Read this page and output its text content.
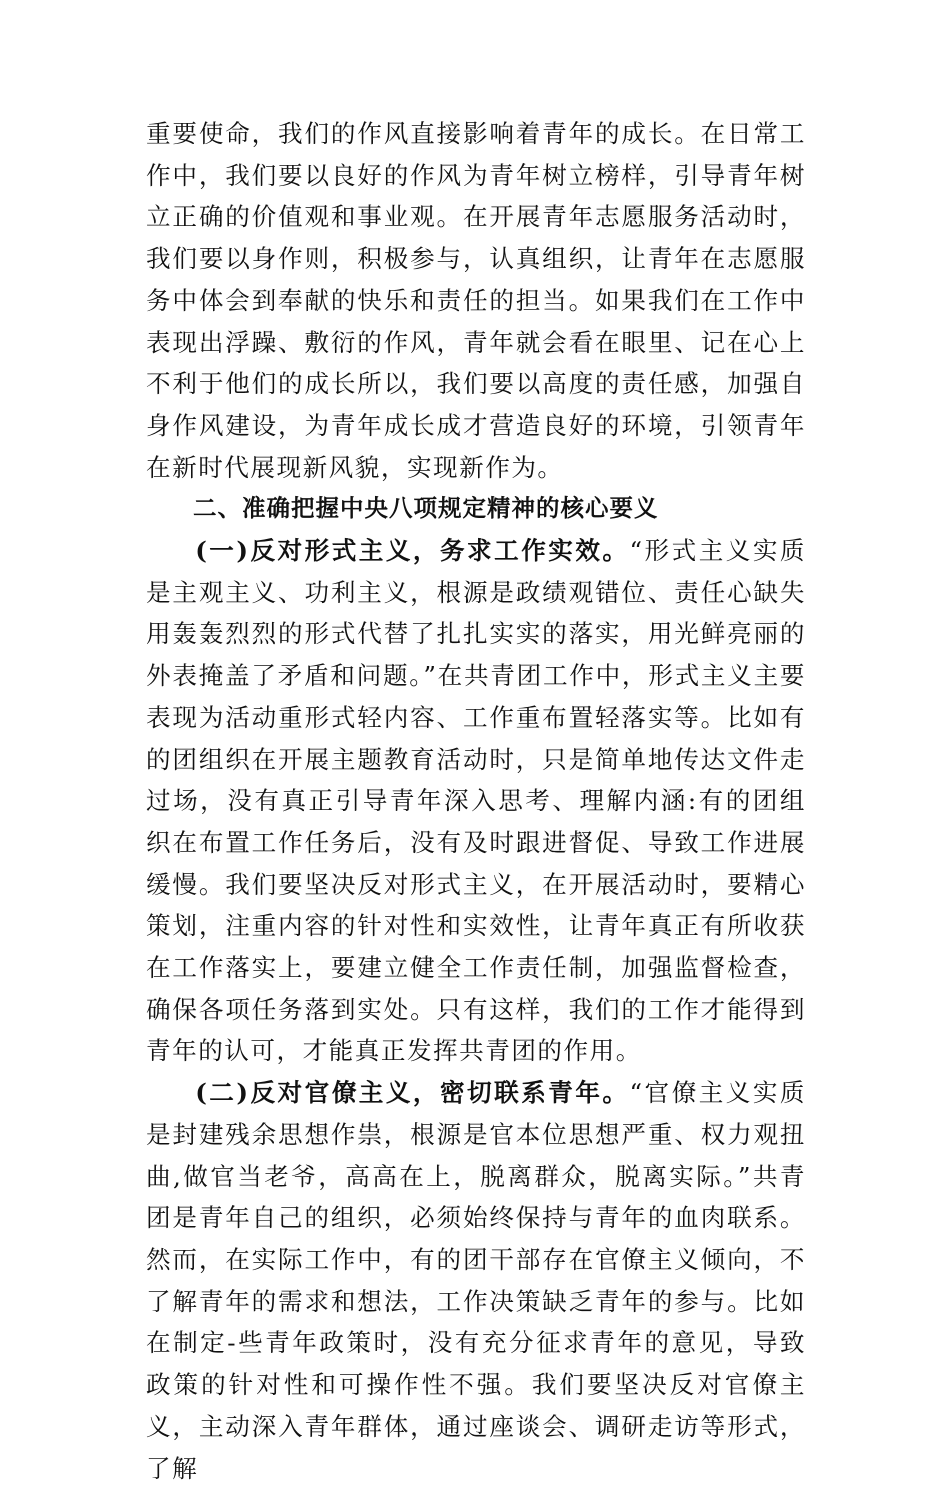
重要使命，我们的作风直接影响着青年的成长。在日常工作中，我们要以良好的作风为青年树立榜样，引导青年树立正确的价值观和事业观。在开展青年志愿服务活动时，我们要以身作则，积极参与，认真组织，让青年在志愿服务中体会到奉献的快乐和责任的担当。如果我们在工作中表现出浮躁、敷衍的作风，青年就会看在眼里、记在心上不利于他们的成长所以，我们要以高度的责任感，加强自身作风建设，为青年成长成才营造良好的环境，引领青年在新时代展现新风貌，实现新作为。

二、准确把握中央八项规定精神的核心要义

(一)反对形式主义，务求工作实效。“形式主义实质是主观主义、功利主义，根源是政绩观错位、责任心缺失用轰轰烈烈的形式代替了扎扎实实的落实，用光鲜亮丽的外表掩盖了矛盾和问题。”在共青团工作中，形式主义主要表现为活动重形式轻内容、工作重布置轻落实等。比如有的团组织在开展主题教育活动时，只是简单地传达文件走过场，没有真正引导青年深入思考、理解内涵:有的团组织在布置工作任务后，没有及时跟进督促、导致工作进展缓慢。我们要坚决反对形式主义，在开展活动时，要精心策划，注重内容的针对性和实效性，让青年真正有所收获在工作落实上，要建立健全工作责任制，加强监督检查，确保各项任务落到实处。只有这样，我们的工作才能得到青年的认可，才能真正发挥共青团的作用。

(二)反对官僚主义，密切联系青年。“官僚主义实质是封建残余思想作祟，根源是官本位思想严重、权力观扭曲,做官当老爷，高高在上，脱离群众，脱离实际。”共青团是青年自己的组织，必须始终保持与青年的血肉联系。然而，在实际工作中，有的团干部存在官僚主义倾向，不了解青年的需求和想法，工作决策缺乏青年的参与。比如在制定-些青年政策时，没有充分征求青年的意见，导致政策的针对性和可操作性不强。我们要坚决反对官僚主义，主动深入青年群体，通过座谈会、调研走访等形式，了解
